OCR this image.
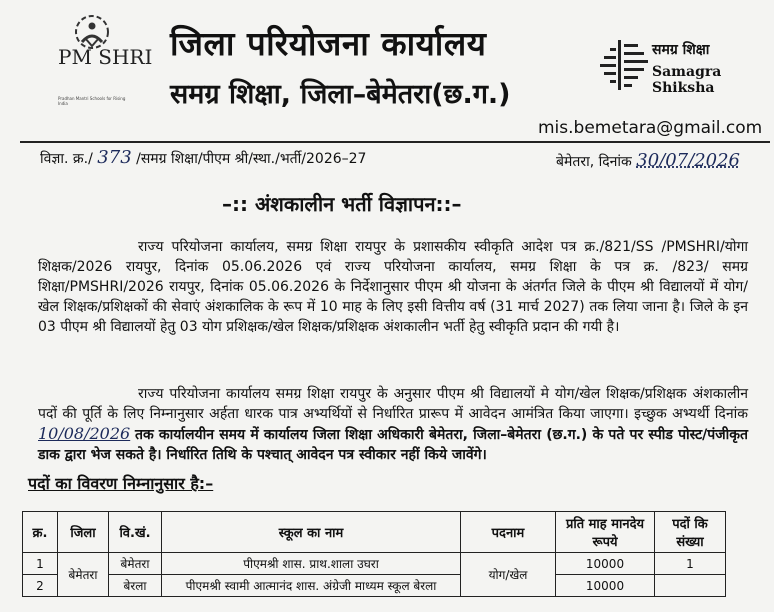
PM SHRI
Pradhan Mantri Schools for Rising India
जिला परियोजना कार्यालय
समग्र शिक्षा, जिला–बेमेतरा(छ.ग.)
समग्र शिक्षा
Samagra Shiksha
mis.bemetara@gmail.com
विज्ञा. क्र./ 373 /समग्र शिक्षा/पीएम श्री/स्था./भर्ती/2026–27	बेमेतरा, दिनांक 30/07/2026
–:: अंशकालीन भर्ती विज्ञापन::–
राज्य परियोजना कार्यालय, समग्र शिक्षा रायपुर के प्रशासकीय स्वीकृति आदेश पत्र क्र./821/SS /PMSHRI/योगा शिक्षक/2026 रायपुर, दिनांक 05.06.2026 एवं राज्य परियोजना कार्यालय, समग्र शिक्षा के पत्र क्र. /823/ समग्र शिक्षा/PMSHRI/2026 रायपुर, दिनांक 05.06.2026 के निर्देशानुसार पीएम श्री योजना के अंतर्गत जिले के पीएम श्री विद्यालयों में योग/खेल शिक्षक/प्रशिक्षकों की सेवाएं अंशकालिक के रूप में 10 माह के लिए इसी वित्तीय वर्ष (31 मार्च 2027) तक लिया जाना है। जिले के इन 03 पीएम श्री विद्यालयों हेतु 03 योग प्रशिक्षक/खेल शिक्षक/प्रशिक्षक अंशकालीन भर्ती हेतु स्वीकृति प्रदान की गयी है।
राज्य परियोजना कार्यालय समग्र शिक्षा रायपुर के अनुसार पीएम श्री विद्यालयों मे योग/खेल शिक्षक/प्रशिक्षक अंशकालीन पदों की पूर्ति के लिए निम्नानुसार अर्हता धारक पात्र अभ्यर्थियों से निर्धारित प्रारूप में आवेदन आमंत्रित किया जाएगा। इच्छुक अभ्यर्थी दिनांक 10/08/2026 तक कार्यालयीन समय में कार्यालय जिला शिक्षा अधिकारी बेमेतरा, जिला–बेमेतरा (छ.ग.) के पते पर स्पीड पोस्ट/पंजीकृत डाक द्वारा भेज सकते है। निर्धारित तिथि के पश्चात् आवेदन पत्र स्वीकार नहीं किये जावेंगे।
पदों का विवरण निम्नानुसार है:–
क्र.	जिला	वि.खं.	स्कूल का नाम	पदनाम	प्रति माह मानदेय रूपये	पदों कि संख्या
1	बेमेतरा	बेमेतरा	पीएमश्री शास. प्राथ.शाला उघरा	योग/खेल	10000	1
2		बेरला	पीएमश्री स्वामी आत्मानंद शास. अंग्रेजी माध्यम स्कूल बेरला		10000	
